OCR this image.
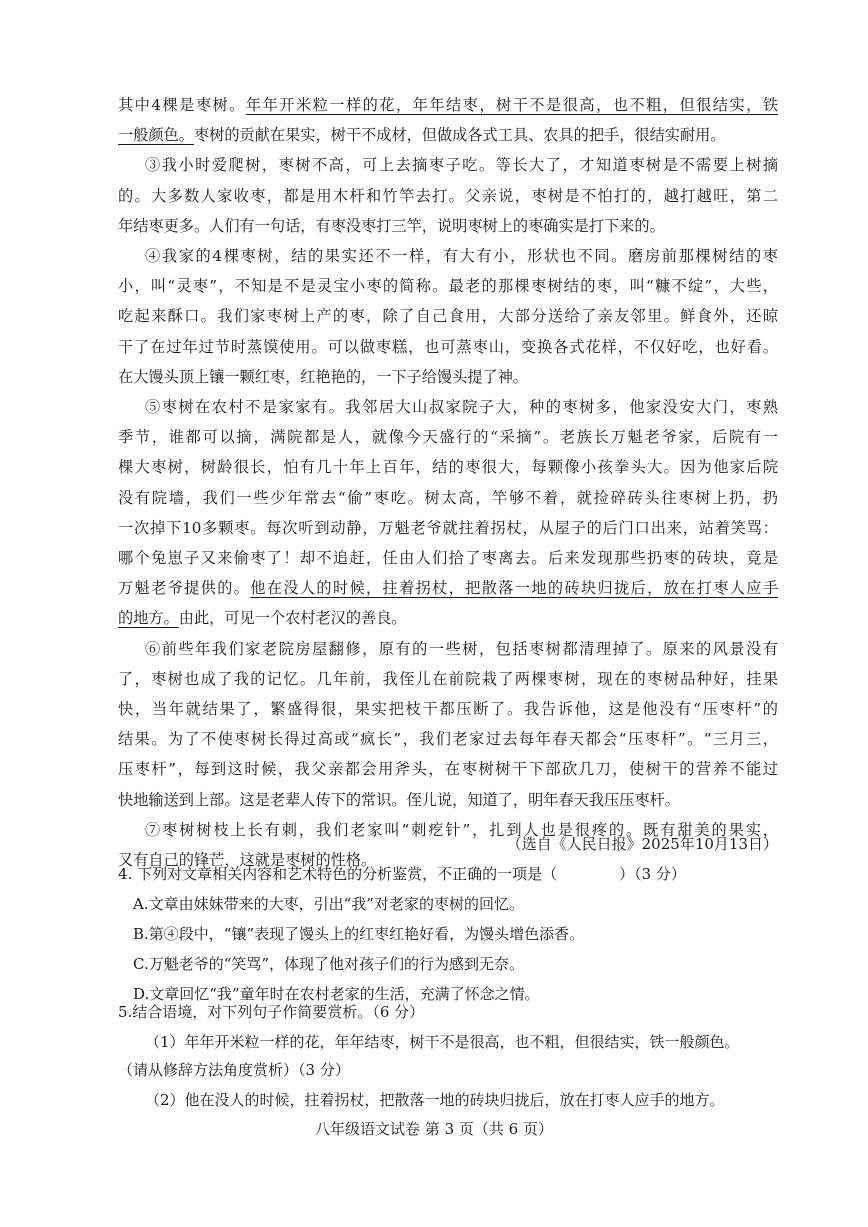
其中4棵是枣树。年年开米粒一样的花，年年结枣，树干不是很高，也不粗，但很结实，铁
一般颜色。枣树的贡献在果实，树干不成材，但做成各式工具、农具的把手，很结实耐用。
③我小时爱爬树，枣树不高，可上去摘枣子吃。等长大了，才知道枣树是不需要上树摘
的。大多数人家收枣，都是用木杆和竹竿去打。父亲说，枣树是不怕打的，越打越旺，第二
年结枣更多。人们有一句话，有枣没枣打三竿，说明枣树上的枣确实是打下来的。
④我家的4棵枣树，结的果实还不一样，有大有小，形状也不同。磨房前那棵树结的枣
小，叫“灵枣”，不知是不是灵宝小枣的简称。最老的那棵枣树结的枣，叫“糠不绽”，大些，
吃起来酥口。我们家枣树上产的枣，除了自己食用，大部分送给了亲友邻里。鲜食外，还晾
干了在过年过节时蒸馍使用。可以做枣糕，也可蒸枣山，变换各式花样，不仅好吃，也好看。
在大馒头顶上镶一颗红枣，红艳艳的，一下子给馒头提了神。
⑤枣树在农村不是家家有。我邻居大山叔家院子大，种的枣树多，他家没安大门，枣熟
季节，谁都可以摘，满院都是人，就像今天盛行的“采摘”。老族长万魁老爷家，后院有一
棵大枣树，树龄很长，怕有几十年上百年，结的枣很大，每颗像小孩拳头大。因为他家后院
没有院墙，我们一些少年常去“偷”枣吃。树太高，竿够不着，就捡碎砖头往枣树上扔，扔
一次掉下10多颗枣。每次听到动静，万魁老爷就拄着拐杖，从屋子的后门口出来，站着笑骂：
哪个兔崽子又来偷枣了！却不追赶，任由人们拾了枣离去。后来发现那些扔枣的砖块，竟是
万魁老爷提供的。他在没人的时候，拄着拐杖，把散落一地的砖块归拢后，放在打枣人应手
的地方。由此，可见一个农村老汉的善良。
⑥前些年我们家老院房屋翻修，原有的一些树，包括枣树都清理掉了。原来的风景没有
了，枣树也成了我的记忆。几年前，我侄儿在前院栽了两棵枣树，现在的枣树品种好，挂果
快，当年就结果了，繁盛得很，果实把枝干都压断了。我告诉他，这是他没有“压枣杆”的
结果。为了不使枣树长得过高或“疯长”，我们老家过去每年春天都会“压枣杆”。“三月三，
压枣杆”，每到这时候，我父亲都会用斧头，在枣树树干下部砍几刀，使树干的营养不能过
快地输送到上部。这是老辈人传下的常识。侄儿说，知道了，明年春天我压压枣杆。
⑦枣树树枝上长有刺，我们老家叫“刺疙针”，扎到人也是很疼的。既有甜美的果实，
又有自己的锋芒，这就是枣树的性格。
（选自《人民日报》2025年10月13日）
4. 下列对文章相关内容和艺术特色的分析鉴赏，不正确的一项是（	）（3 分）
A.文章由妹妹带来的大枣，引出“我”对老家的枣树的回忆。
B.第④段中，“镶”表现了馒头上的红枣红艳好看，为馒头增色添香。
C.万魁老爷的“笑骂”，体现了他对孩子们的行为感到无奈。
D.文章回忆“我”童年时在农村老家的生活，充满了怀念之情。
5.结合语境，对下列句子作简要赏析。（6 分）
（1）年年开米粒一样的花，年年结枣，树干不是很高，也不粗，但很结实，铁一般颜色。
（请从修辞方法角度赏析）（3 分）
（2）他在没人的时候，拄着拐杖，把散落一地的砖块归拢后，放在打枣人应手的地方。
八年级语文试卷 第 3 页（共 6 页）
